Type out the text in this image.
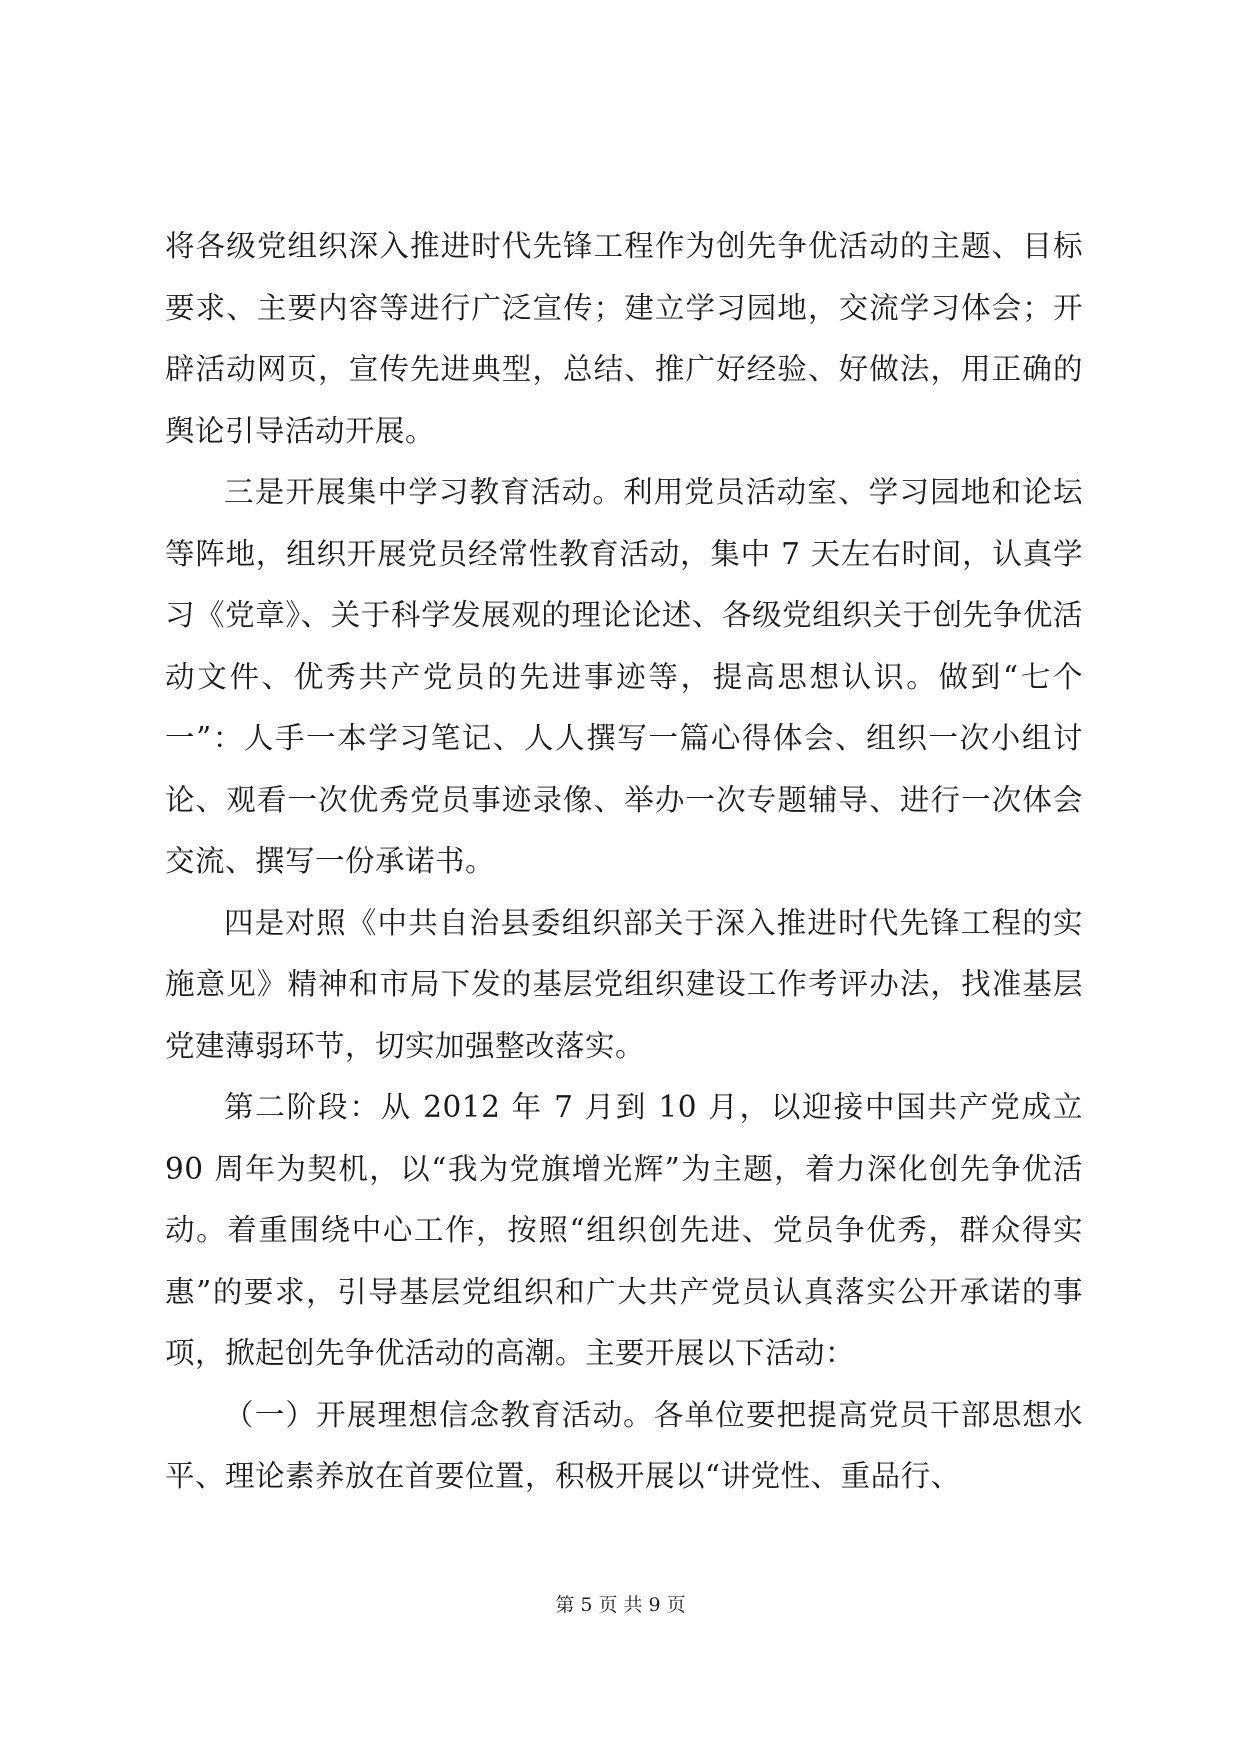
将各级党组织深入推进时代先锋工程作为创先争优活动的主题、目标要求、主要内容等进行广泛宣传；建立学习园地，交流学习体会；开辟活动网页，宣传先进典型，总结、推广好经验、好做法，用正确的舆论引导活动开展。

三是开展集中学习教育活动。利用党员活动室、学习园地和论坛等阵地，组织开展党员经常性教育活动，集中 7 天左右时间，认真学习《党章》、关于科学发展观的理论论述、各级党组织关于创先争优活动文件、优秀共产党员的先进事迹等，提高思想认识。做到“七个一”：人手一本学习笔记、人人撰写一篇心得体会、组织一次小组讨论、观看一次优秀党员事迹录像、举办一次专题辅导、进行一次体会交流、撰写一份承诺书。

四是对照《中共自治县委组织部关于深入推进时代先锋工程的实施意见》精神和市局下发的基层党组织建设工作考评办法，找准基层党建薄弱环节，切实加强整改落实。

第二阶段：从 2012 年 7 月到 10 月，以迎接中国共产党成立 90 周年为契机，以“我为党旗增光辉”为主题，着力深化创先争优活动。着重围绕中心工作，按照“组织创先进、党员争优秀，群众得实惠”的要求，引导基层党组织和广大共产党员认真落实公开承诺的事项，掀起创先争优活动的高潮。主要开展以下活动：

（一）开展理想信念教育活动。各单位要把提高党员干部思想水平、理论素养放在首要位置，积极开展以“讲党性、重品行、

第 5 页 共 9 页
